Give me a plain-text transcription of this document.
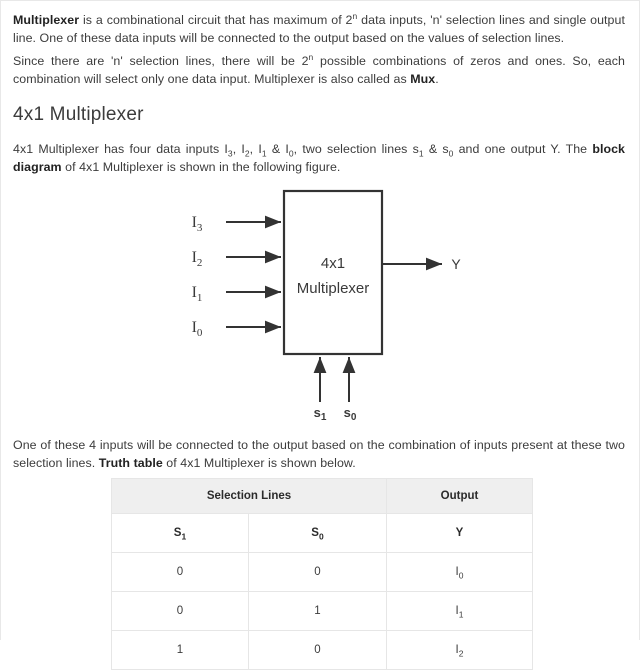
Multiplexer is a combinational circuit that has maximum of 2$^n$ data inputs, 'n' selection lines and single output line. One of these data inputs will be connected to the output based on the values of selection lines.

Since there are 'n' selection lines, there will be 2$^n$ possible combinations of zeros and ones. So, each combination will select only one data input. Multiplexer is also called as Mux.

4x1 Multiplexer

4x1 Multiplexer has four data inputs $I_3$, $I_2$, $I_1$ & $I_0$, two selection lines $s_1$ & $s_0$ and one output Y. The block diagram of 4x1 Multiplexer is shown in the following figure.

4x1
Multiplexer
$I_3$
$I_2$
$I_1$
$I_0$
Y
$s_1$ $s_0$

One of these 4 inputs will be connected to the output based on the combination of inputs present at these two selection lines. Truth table of 4x1 Multiplexer is shown below.

Selection Lines		Output
$S_1$	$S_0$	Y
0	0	$I_0$
0	1	$I_1$
1	0	$I_2$
